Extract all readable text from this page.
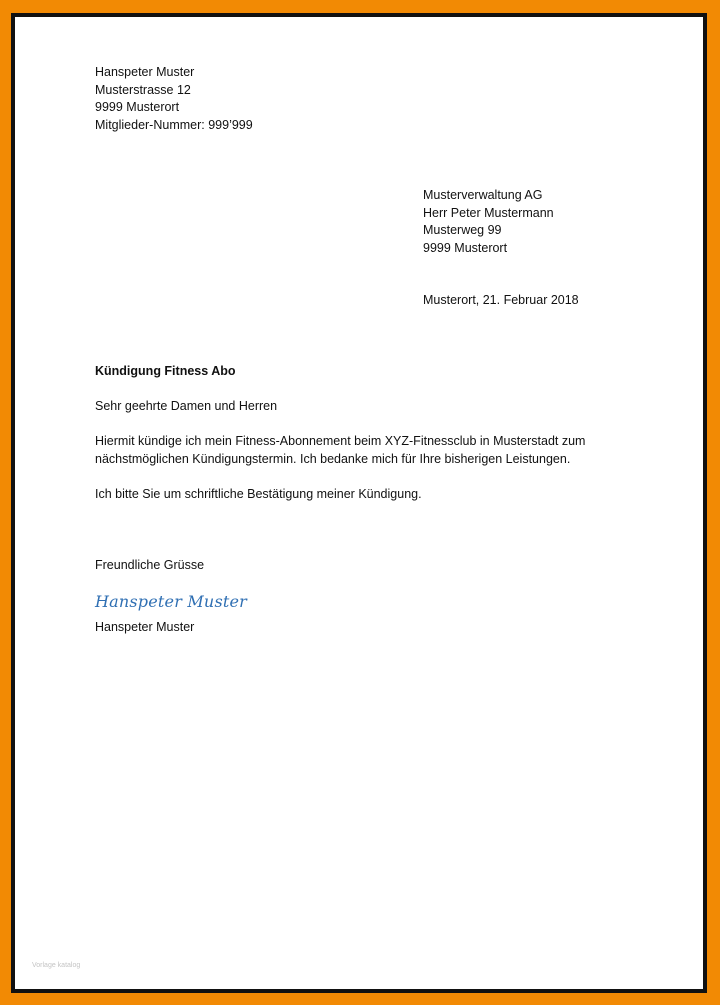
Hanspeter Muster
Musterstrasse 12
9999 Musterort
Mitglieder-Nummer: 999’999
Musterverwaltung AG
Herr Peter Mustermann
Musterweg 99
9999 Musterort
Musterort, 21. Februar 2018
Kündigung Fitness Abo
Sehr geehrte Damen und Herren
Hiermit kündige ich mein Fitness-Abonnement beim XYZ-Fitnessclub in Musterstadt zum
nächstmöglichen Kündigungstermin. Ich bedanke mich für Ihre bisherigen Leistungen.
Ich bitte Sie um schriftliche Bestätigung meiner Kündigung.
Freundliche Grüsse
Hanspeter Muster
Hanspeter Muster
Vorlage katalog
